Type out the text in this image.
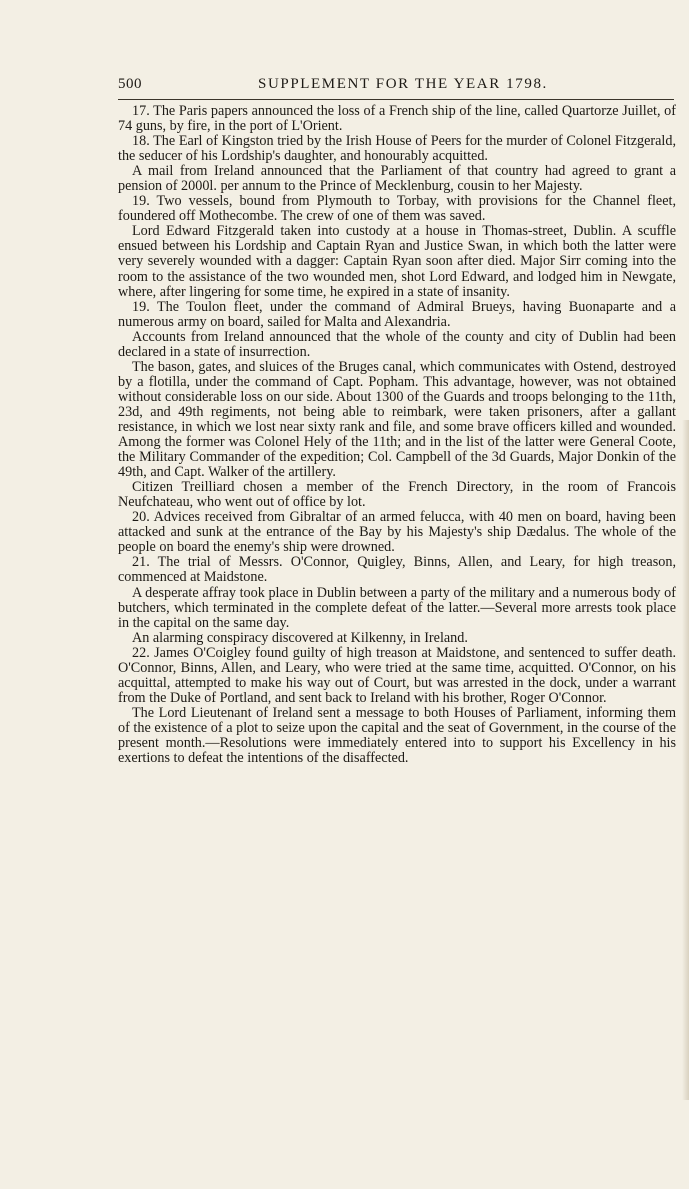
500	SUPPLEMENT FOR THE YEAR 1798.

17. The Paris papers announced the loss of a French ship of the line, called Quartorze Juillet, of 74 guns, by fire, in the port of L'Orient.

18. The Earl of Kingston tried by the Irish House of Peers for the murder of Colonel Fitzgerald, the seducer of his Lordship's daughter, and honourably acquitted.

A mail from Ireland announced that the Parliament of that country had agreed to grant a pension of 2000l. per annum to the Prince of Mecklenburg, cousin to her Majesty.

19. Two vessels, bound from Plymouth to Torbay, with provisions for the Channel fleet, foundered off Mothecombe. The crew of one of them was saved.

Lord Edward Fitzgerald taken into custody at a house in Thomas-street, Dublin. A scuffle ensued between his Lordship and Captain Ryan and Justice Swan, in which both the latter were very severely wounded with a dagger: Captain Ryan soon after died. Major Sirr coming into the room to the assistance of the two wounded men, shot Lord Edward, and lodged him in Newgate, where, after lingering for some time, he expired in a state of insanity.

19. The Toulon fleet, under the command of Admiral Brueys, having Buonaparte and a numerous army on board, sailed for Malta and Alexandria.

Accounts from Ireland announced that the whole of the county and city of Dublin had been declared in a state of insurrection.

The bason, gates, and sluices of the Bruges canal, which communicates with Ostend, destroyed by a flotilla, under the command of Capt. Popham. This advantage, however, was not obtained without considerable loss on our side. About 1300 of the Guards and troops belonging to the 11th, 23d, and 49th regiments, not being able to reimbark, were taken prisoners, after a gallant resistance, in which we lost near sixty rank and file, and some brave officers killed and wounded. Among the former was Colonel Hely of the 11th; and in the list of the latter were General Coote, the Military Commander of the expedition; Col. Campbell of the 3d Guards, Major Donkin of the 49th, and Capt. Walker of the artillery.

Citizen Treilliard chosen a member of the French Directory, in the room of Francois Neufchateau, who went out of office by lot.

20. Advices received from Gibraltar of an armed felucca, with 40 men on board, having been attacked and sunk at the entrance of the Bay by his Majesty's ship Dædalus. The whole of the people on board the enemy's ship were drowned.

21. The trial of Messrs. O'Connor, Quigley, Binns, Allen, and Leary, for high treason, commenced at Maidstone.

A desperate affray took place in Dublin between a party of the military and a numerous body of butchers, which terminated in the complete defeat of the latter.—Several more arrests took place in the capital on the same day.

An alarming conspiracy discovered at Kilkenny, in Ireland.

22. James O'Coigley found guilty of high treason at Maidstone, and sentenced to suffer death. O'Connor, Binns, Allen, and Leary, who were tried at the same time, acquitted. O'Connor, on his acquittal, attempted to make his way out of Court, but was arrested in the dock, under a warrant from the Duke of Portland, and sent back to Ireland with his brother, Roger O'Connor.

The Lord Lieutenant of Ireland sent a message to both Houses of Parliament, informing them of the existence of a plot to seize upon the capital and the seat of Government, in the course of the present month.—Resolutions were immediately entered into to support his Excellency in his exertions to defeat the intentions of the disaffected.
